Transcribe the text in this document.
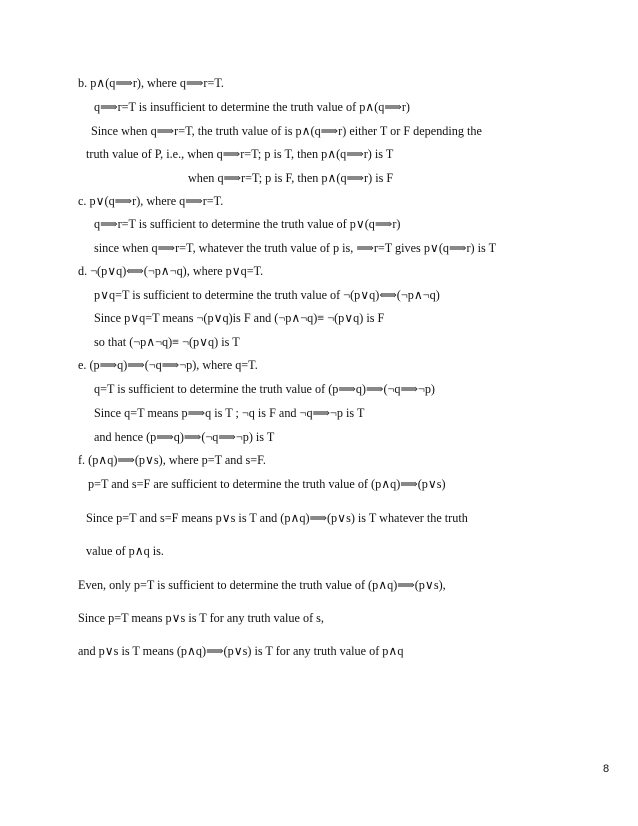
b. p∧(q⟹r), where q⟹r=T.
q⟹r=T is insufficient to determine the truth value of p∧(q⟹r)
Since when q⟹r=T, the truth value of is p∧(q⟹r) either T or F depending the
truth value of P, i.e., when q⟹r=T; p is T, then p∧(q⟹r) is T
when q⟹r=T; p is F, then p∧(q⟹r) is F
c. p∨(q⟹r), where q⟹r=T.
q⟹r=T is sufficient to determine the truth value of p∨(q⟹r)
since when q⟹r=T, whatever the truth value of p is, ⟹r=T gives p∨(q⟹r) is T
d. ¬(p∨q)⟺(¬p∧¬q), where p∨q=T.
p∨q=T is sufficient to determine the truth value of ¬(p∨q)⟺(¬p∧¬q)
Since p∨q=T means ¬(p∨q)is F and (¬p∧¬q)≡ ¬(p∨q) is F
so that (¬p∧¬q)≡ ¬(p∨q) is T
e. (p⟹q)⟹(¬q⟹¬p), where q=T.
q=T is sufficient to determine the truth value of (p⟹q)⟹(¬q⟹¬p)
Since q=T means p⟹q is T ; ¬q is F and ¬q⟹¬p is T
and hence (p⟹q)⟹(¬q⟹¬p) is T
f. (p∧q)⟹(p∨s), where p=T and s=F.
p=T and s=F are sufficient to determine the truth value of (p∧q)⟹(p∨s)
Since p=T and s=F means p∨s is T and (p∧q)⟹(p∨s) is T whatever the truth
value of p∧q is.
Even, only p=T is sufficient to determine the truth value of (p∧q)⟹(p∨s),
Since p=T means p∨s is T for any truth value of s,
and p∨s is T means (p∧q)⟹(p∨s) is T for any truth value of p∧q
8
